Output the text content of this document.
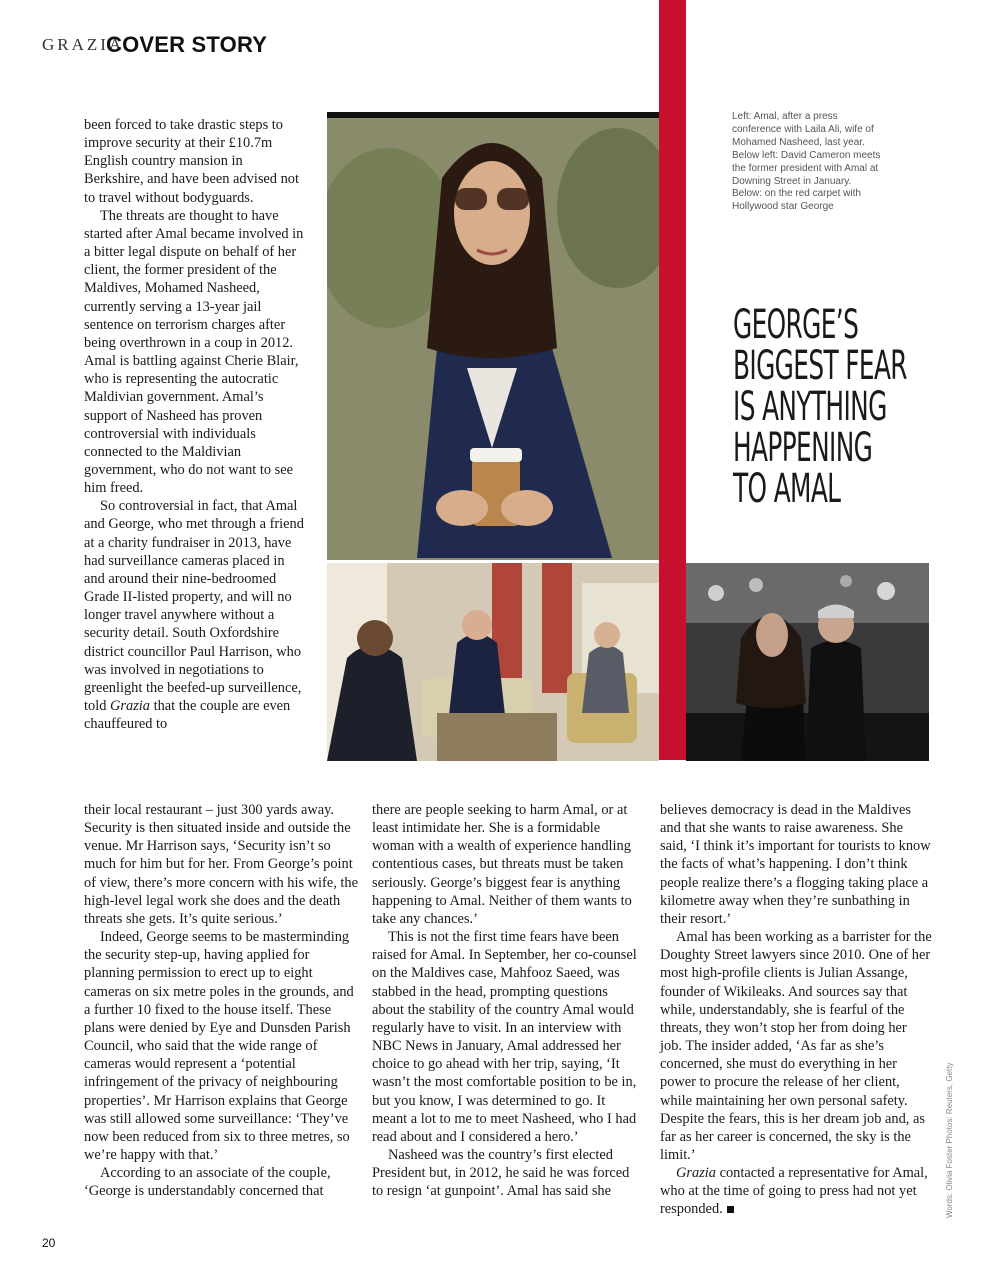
GRAZIA
COVER STORY
Left: Amal, after a press conference with Laila Ali, wife of Mohamed Nasheed, last year. Below left: David Cameron meets the former president with Amal at Downing Street in January. Below: on the red carpet with Hollywood star George
GEORGE’S
BIGGEST FEAR
IS ANYTHING
HAPPENING
TO AMAL

been forced to take drastic steps to improve security at their £10.7m English country mansion in Berkshire, and have been advised not to travel without bodyguards.

The threats are thought to have started after Amal became involved in a bitter legal dispute on behalf of her client, the former president of the Maldives, Mohamed Nasheed, currently serving a 13-year jail sentence on terrorism charges after being overthrown in a coup in 2012. Amal is battling against Cherie Blair, who is representing the autocratic Maldivian government. Amal’s support of Nasheed has proven controversial with individuals connected to the Maldivian government, who do not want to see him freed.

So controversial in fact, that Amal and George, who met through a friend at a charity fundraiser in 2013, have had surveillance cameras placed in and around their nine-bedroomed Grade II-listed property, and will no longer travel anywhere without a security detail. South Oxfordshire district councillor Paul Harrison, who was involved in negotiations to greenlight the beefed-up surveillence, told Grazia that the couple are even chauffeured to

their local restaurant – just 300 yards away. Security is then situated inside and outside the venue. Mr Harrison says, ‘Security isn’t so much for him but for her. From George’s point of view, there’s more concern with his wife, the high-level legal work she does and the death threats she gets. It’s quite serious.’

Indeed, George seems to be masterminding the security step-up, having applied for planning permission to erect up to eight cameras on six metre poles in the grounds, and a further 10 fixed to the house itself. These plans were denied by Eye and Dunsden Parish Council, who said that the wide range of cameras would represent a ‘potential infringement of the privacy of neighbouring properties’. Mr Harrison explains that George was still allowed some surveillance: ‘They’ve now been reduced from six to three metres, so we’re happy with that.’

According to an associate of the couple, ‘George is understandably concerned that

there are people seeking to harm Amal, or at least intimidate her. She is a formidable woman with a wealth of experience handling contentious cases, but threats must be taken seriously. George’s biggest fear is anything happening to Amal. Neither of them wants to take any chances.’

This is not the first time fears have been raised for Amal. In September, her co-counsel on the Maldives case, Mahfooz Saeed, was stabbed in the head, prompting questions about the stability of the country Amal would regularly have to visit. In an interview with NBC News in January, Amal addressed her choice to go ahead with her trip, saying, ‘It wasn’t the most comfortable position to be in, but you know, I was determined to go. It meant a lot to me to meet Nasheed, who I had read about and I considered a hero.’

Nasheed was the country’s first elected President but, in 2012, he said he was forced to resign ‘at gunpoint’. Amal has said she

believes democracy is dead in the Maldives and that she wants to raise awareness. She said, ‘I think it’s important for tourists to know the facts of what’s happening. I don’t think people realize there’s a flogging taking place a kilometre away when they’re sunbathing in their resort.’

Amal has been working as a barrister for the Doughty Street lawyers since 2010. One of her most high-profile clients is Julian Assange, founder of Wikileaks. And sources say that while, understandably, she is fearful of the threats, they won’t stop her from doing her job. The insider added, ‘As far as she’s concerned, she must do everything in her power to procure the release of her client, while maintaining her own personal safety. Despite the fears, this is her dream job and, as far as her career is concerned, the sky is the limit.’

Grazia contacted a representative for Amal, who at the time of going to press had not yet responded.	Words: Olivia Foster Photos: Reuters, Getty
20
